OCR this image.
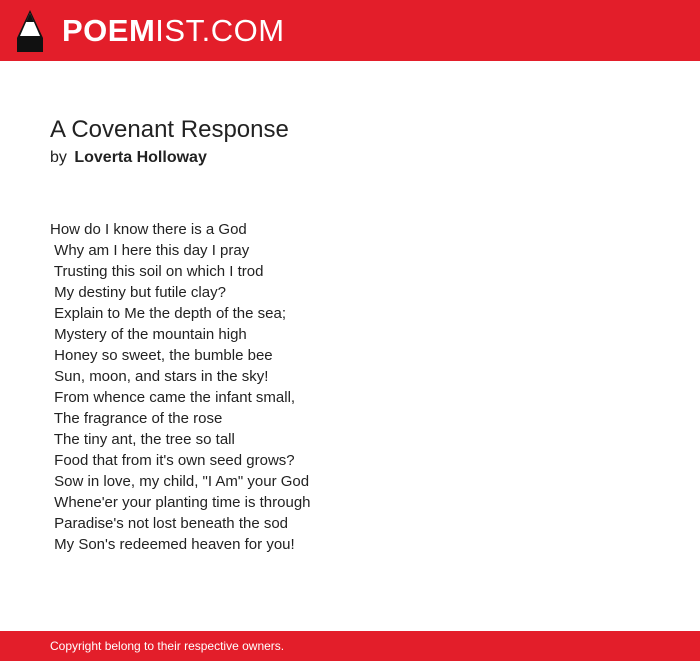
POEMIST.COM
A Covenant Response
by Loverta Holloway
How do I know there is a God
Why am I here this day I pray
Trusting this soil on which I trod
My destiny but futile clay?
Explain to Me the depth of the sea;
Mystery of the mountain high
Honey so sweet, the bumble bee
Sun, moon, and stars in the sky!
From whence came the infant small,
The fragrance of the rose
The tiny ant, the tree so tall
Food that from it's own seed grows?
Sow in love, my child, "I Am" your God
Whene'er your planting time is through
Paradise's not lost beneath the sod
My Son's redeemed heaven for you!
Copyright belong to their respective owners.
